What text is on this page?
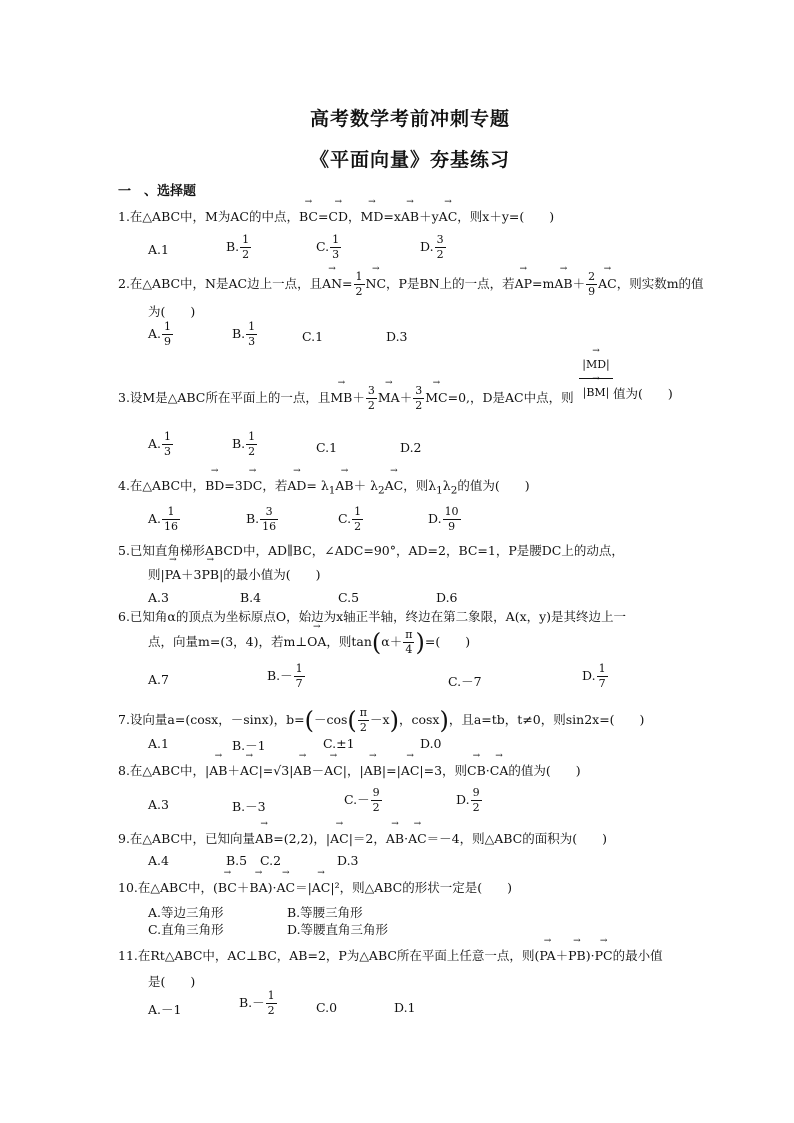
高考数学考前冲刺专题
《平面向量》夯基练习
一　、选择题
1.在△ABC中，M为AC的中点，→ BC=→ CD，→ MD=x→ AB＋y→ AC，则x＋y=(　　)
A.1	B. $\frac{1}{2}$	C. $\frac{1}{3}$	D. $\frac{3}{2}$
2.在△ABC中，N是AC边上一点，且→ $AN= \frac{1}{2}$
→ NC，P是BN上的一点，若→ $AP=m\to AB+ \frac{2}{9}$
→ AC，则实数m的值
为(　　)
A. $\frac{1}{9}$	B. $\frac{1}{3}$	C.1	D.3
3.设M是△ABC所在平面上的一点，且→ $MB+ \frac{3}{2}$
→ $MA+ \frac{3}{2}$
→ MC=0,，D是AC中点，则
|→ MD|
|→ BM| 值为(　　)
A. $\frac{1}{3}$	B. $\frac{1}{2}$	C.1	D.2
4.在△ABC中，→ BD=3→ DC，若→ $AD= \lambda_1\to AB+ \lambda_2\to$ AC，则$\lambda_1\lambda_2$的值为(　　)
A. $\frac{1}{16}$	B. $\frac{3}{16}$	C. $\frac{1}{2}$	D. $\frac{10}{9}$
5.已知直角梯形ABCD中，AD∥BC，∠ADC=90°，AD=2，BC=1，P是腰DC上的动点，
则|→ PA＋3→ PB|的最小值为(　　)
A.3	B.4	C.5	D.6
6.已知角α的顶点为坐标原点O，始边为x轴正半轴，终边在第二象限，A(x，y)是其终边上一
点，向量m=(3，4)，若m⊥→ OA，则$\tan(\alpha+ \frac{\pi}{4}$ )=(　　)
A.7	$B.- \frac{1}{7}$	C.－7	D. $\frac{1}{7}$
7.设向量a=(cosx，－sinx)，$b=(-\cos( \frac{\pi}{2} -x)$，cosx)，且a=tb，t≠0，则sin2x=(　　)
A.1	B.－1	C.±1	D.0
8.在△ABC中，|→ AB＋→ AC|=√3|→ AB－→ AC|，|→ AB|=|→ AC|=3，则→ CB·→ CA的值为(　　)
A.3	B.－3	$C.- \frac{9}{2}$	D. $\frac{9}{2}$
9.在△ABC中，已知向量→ AB=(2,2)，|→ AC|＝2，→ AB·→ AC＝－4，则△ABC的面积为(　　)
A.4	B.5 C.2	D.3
10.在△ABC中，(→ BC＋→ BA)·→ AC＝|→ AC|²，则△ABC的形状一定是(　　)
A.等边三角形	B.等腰三角形
C.直角三角形	D.等腰直角三角形
11.在Rt△ABC中，AC⊥BC，AB=2，P为△ABC所在平面上任意一点，则(→ PA＋→ PB)·→ PC的最小值
是(　　)
A.－1	$B.- \frac{1}{2}$	C.0	D.1
